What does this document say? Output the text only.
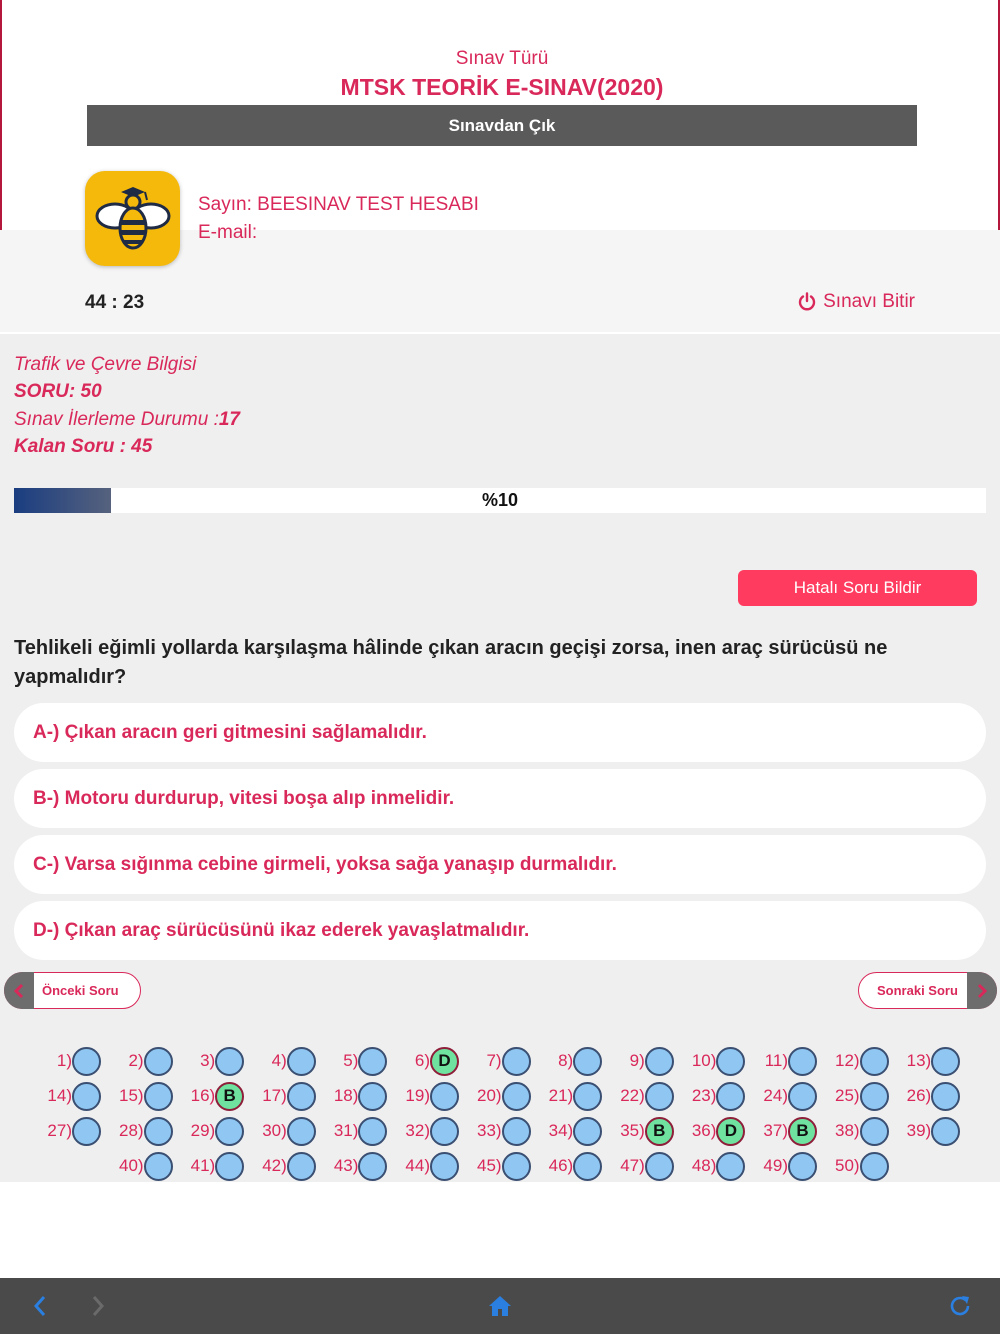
Sınav Türü
MTSK TEORİK E-SINAV(2020)
Sınavdan Çık
Sayın: BEESINAV TEST HESABI
E-mail:
44 : 23	Sınavı Bitir
Trafik ve Çevre Bilgisi
SORU: 50
Sınav İlerleme Durumu :17
Kalan Soru : 45
%10
Hatalı Soru Bildir
Tehlikeli eğimli yollarda karşılaşma hâlinde çıkan aracın geçişi zorsa, inen araç sürücüsü ne yapmalıdır?
A-) Çıkan aracın geri gitmesini sağlamalıdır.
B-) Motoru durdurup, vitesi boşa alıp inmelidir.
C-) Varsa sığınma cebine girmeli, yoksa sağa yanaşıp durmalıdır.
D-) Çıkan araç sürücüsünü ikaz ederek yavaşlatmalıdır.
Önceki Soru	Sonraki Soru
1)	2)	3)	4)	5)	6) D	7)	8)	9)	10)	11)	12)	13)
14)	15)	16) B	17)	18)	19)	20)	21)	22)	23)	24)	25)	26)
27)	28)	29)	30)	31)	32)	33)	34)	35) B	36) D	37) B	38)	39)
40)	41)	42)	43)	44)	45)	46)	47)	48)	49)	50)
